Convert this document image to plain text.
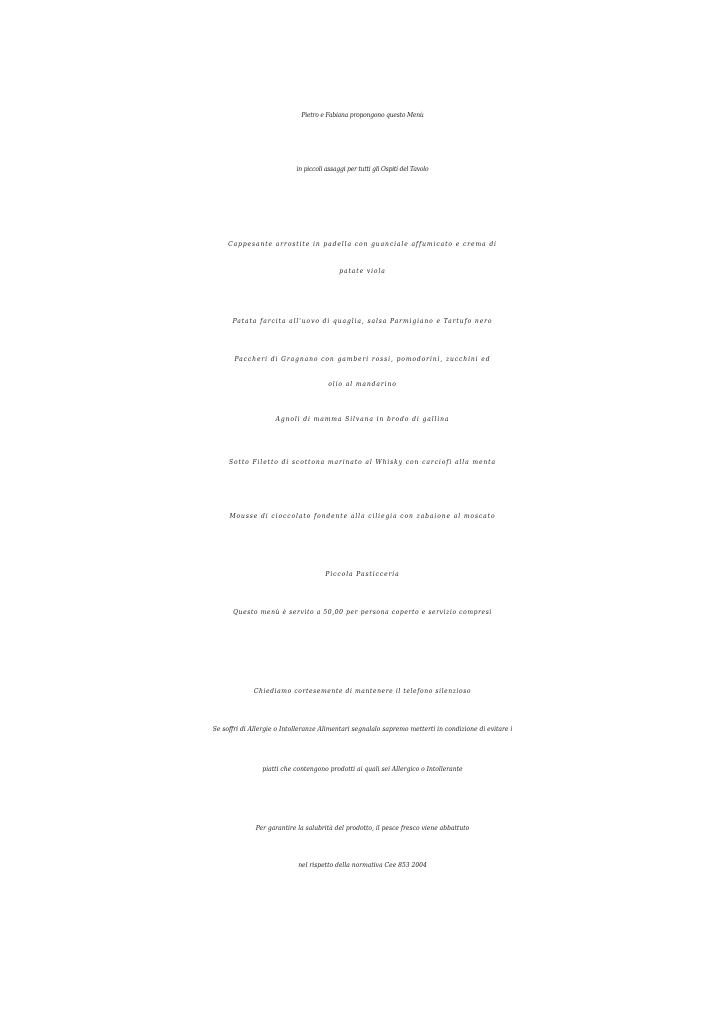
Pietro e Fabiana propongono questo Menù
in piccoli assaggi per tutti gli Ospiti del Tavolo
Cappesante arrostite in padella con guanciale affumicato e crema di
patate viola
Patata farcita all'uovo di quaglia, salsa Parmigiano e Tartufo nero
Paccheri di Gragnano con gamberi rossi, pomodorini, zucchini ed
olio al mandarino
Agnoli di mamma Silvana in brodo di gallina
Sotto Filetto di scottona marinato al Whisky con carciofi alla menta
Mousse di cioccolato fondente alla ciliegia con zabaione al moscato
Piccola Pasticceria
Questo menù è servito a 50,00 per persona coperto e servizio compresi
Chiediamo cortesemente di mantenere il telefono silenzioso
Se soffri di Allergie o Intolleranze Alimentari segnalalo sapremo metterti in condizione di evitare i
piatti che contengono prodotti ai quali sei Allergico o Intollerante
Per garantire la salubrità del prodotto, il pesce fresco viene abbattuto
nel rispetto della normativa Cee 853 2004
